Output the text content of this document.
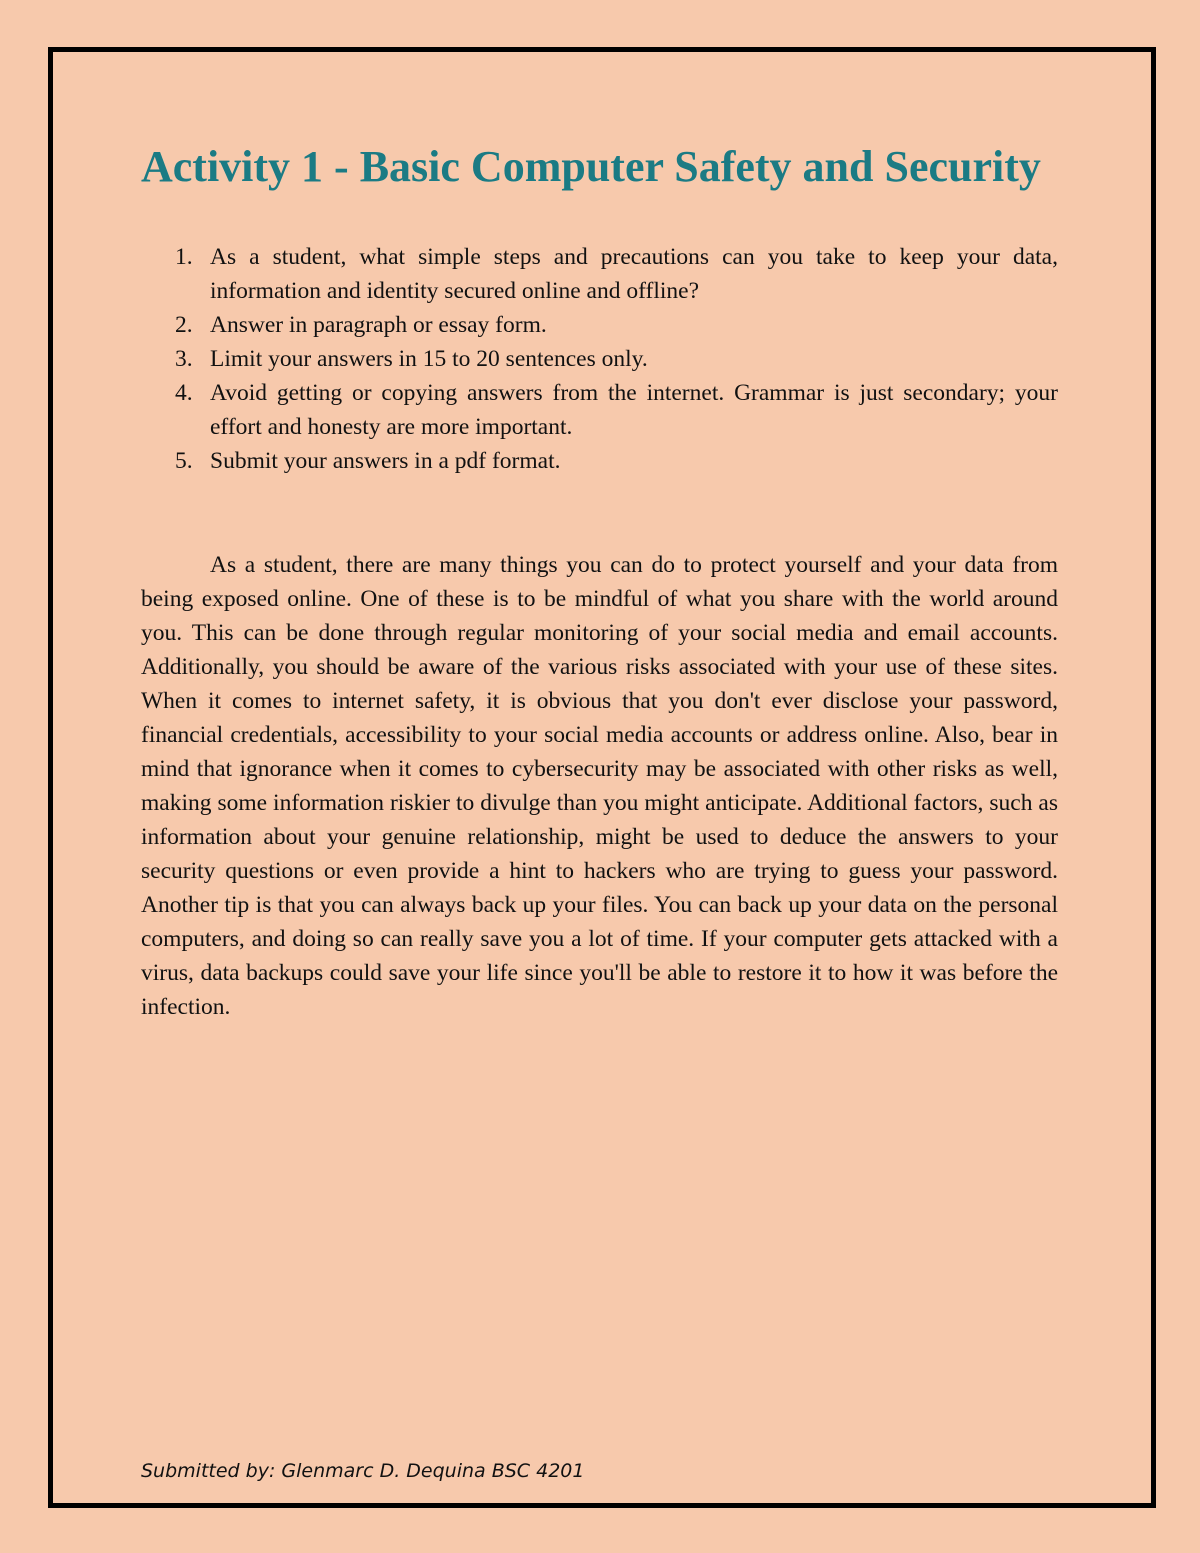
Activity 1 - Basic Computer Safety and Security
1. As a student, what simple steps and precautions can you take to keep your data, information and identity secured online and offline?
2. Answer in paragraph or essay form.
3. Limit your answers in 15 to 20 sentences only.
4. Avoid getting or copying answers from the internet. Grammar is just secondary; your effort and honesty are more important.
5. Submit your answers in a pdf format.

As a student, there are many things you can do to protect yourself and your data from being exposed online. One of these is to be mindful of what you share with the world around you. This can be done through regular monitoring of your social media and email accounts. Additionally, you should be aware of the various risks associated with your use of these sites. When it comes to internet safety, it is obvious that you don't ever disclose your password, financial credentials, accessibility to your social media accounts or address online. Also, bear in mind that ignorance when it comes to cybersecurity may be associated with other risks as well, making some information riskier to divulge than you might anticipate. Additional factors, such as information about your genuine relationship, might be used to deduce the answers to your security questions or even provide a hint to hackers who are trying to guess your password. Another tip is that you can always back up your files. You can back up your data on the personal computers, and doing so can really save you a lot of time. If your computer gets attacked with a virus, data backups could save your life since you'll be able to restore it to how it was before the infection.

Submitted by: Glenmarc D. Dequina BSC 4201
